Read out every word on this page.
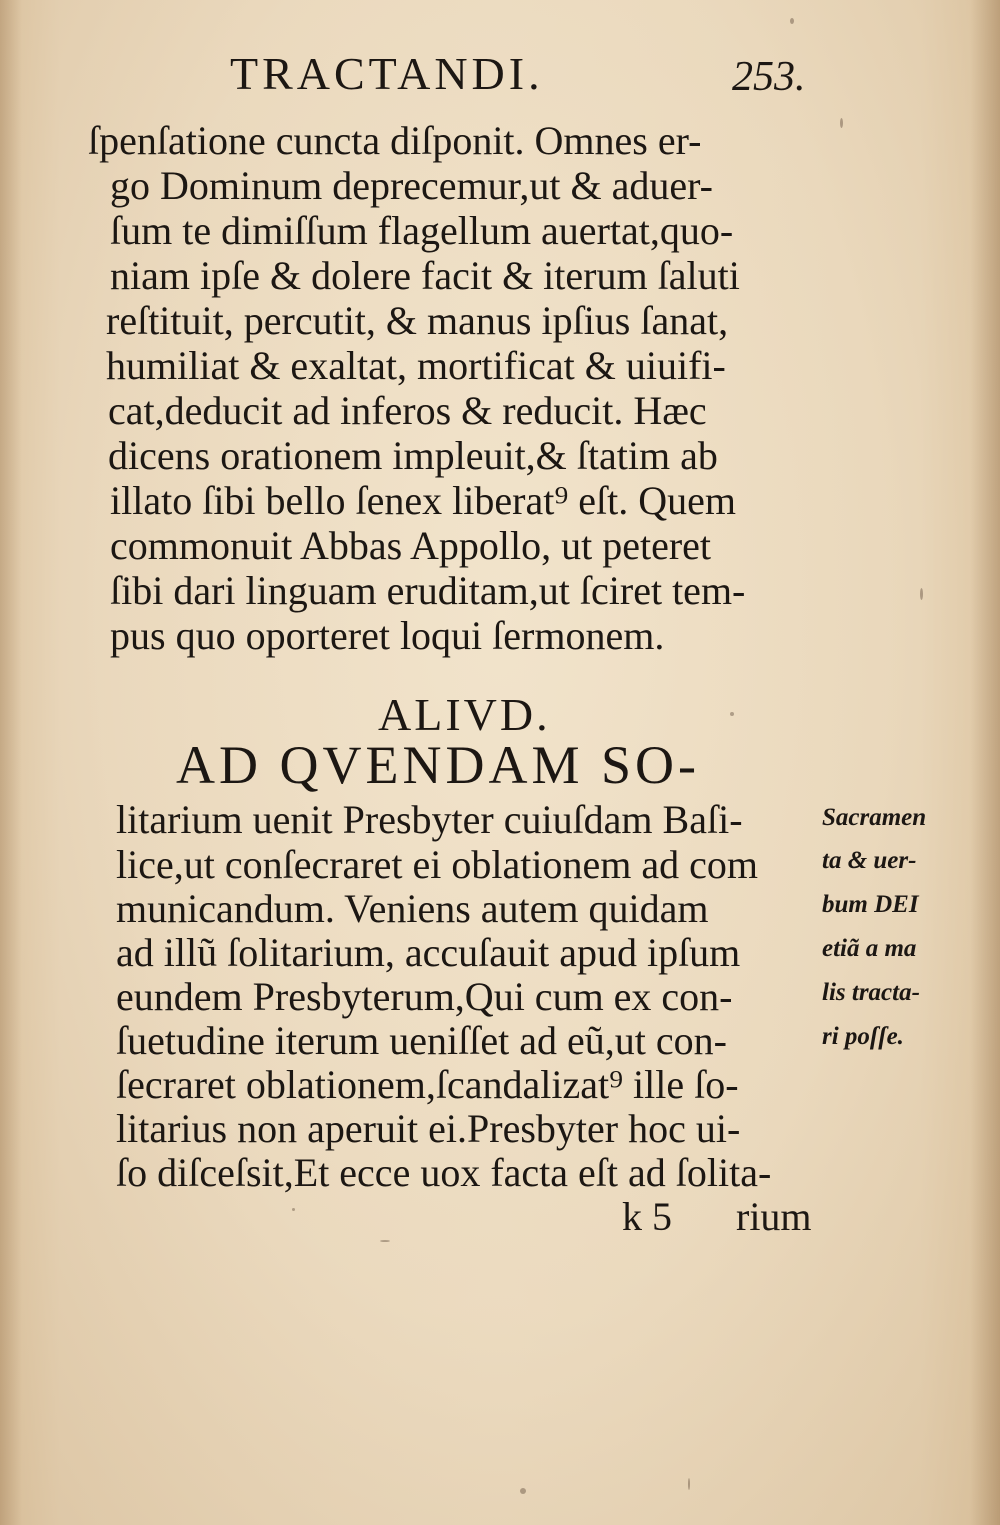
TRACTANDI.	253.
ſpenſatione cuncta diſponit. Omnes er-
go Dominum deprecemur,ut & aduer-
ſum te dimiſſum flagellum auertat,quo-
niam ipſe & dolere facit & iterum ſaluti
reſtituit, percutit, & manus ipſius ſanat,
humiliat & exaltat, mortificat & uiuifi-
cat,deducit ad inferos & reducit. Hæc
dicens orationem impleuit,& ſtatim ab
illato ſibi bello ſenex liberat⁹ eſt. Quem
commonuit Abbas Appollo, ut peteret
ſibi dari linguam eruditam,ut ſciret tem-
pus quo oporteret loqui ſermonem.
ALIVD.
AD QVENDAM SO-
litarium uenit Presbyter cuiuſdam Baſi-
lice,ut conſecraret ei oblationem ad com
municandum. Veniens autem quidam
ad illũ ſolitarium, accuſauit apud ipſum
eundem Presbyterum,Qui cum ex con-
ſuetudine iterum ueniſſet ad eũ,ut con-
ſecraret oblationem,ſcandalizat⁹ ille ſo-
litarius non aperuit ei.Presbyter hoc ui-
ſo diſceſsit,Et ecce uox facta eſt ad ſolita-
Sacramen
ta & uer-
bum DEI
etiã a ma
lis tracta-
ri poſſe.
k 5 rium
